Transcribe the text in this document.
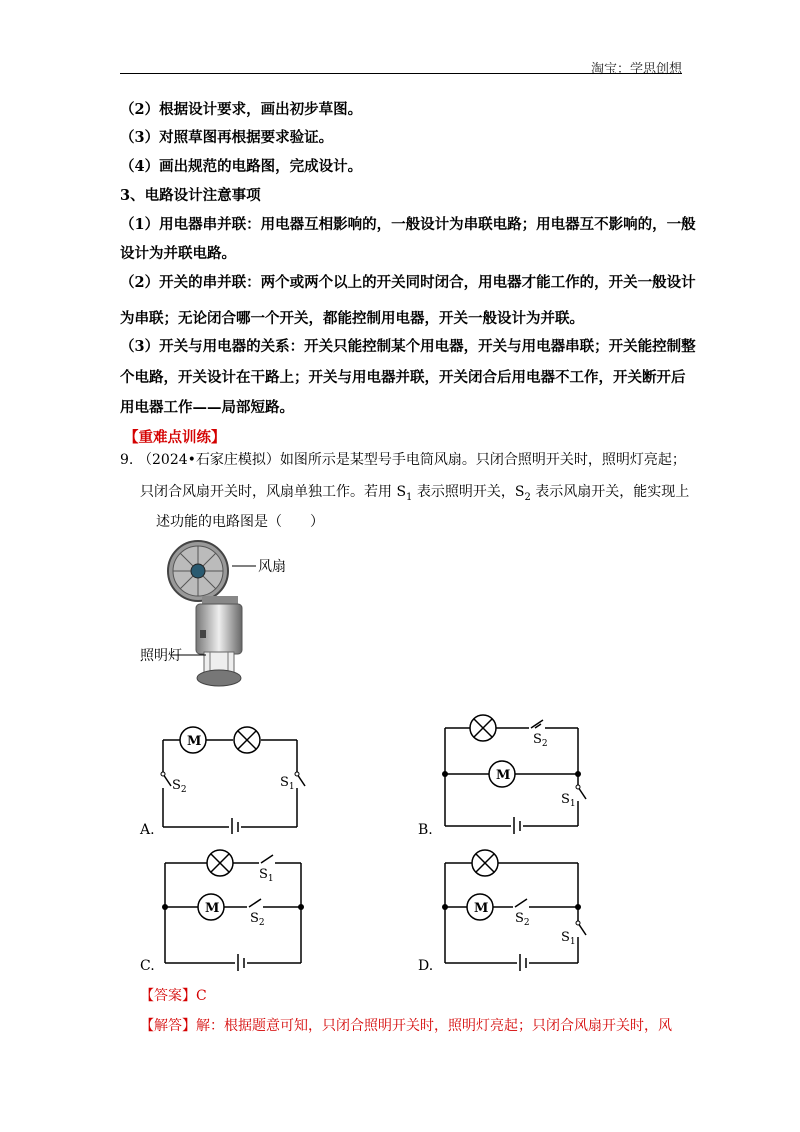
淘宝：学思创想
（2）根据设计要求，画出初步草图。
（3）对照草图再根据要求验证。
（4）画出规范的电路图，完成设计。
3、电路设计注意事项
（1）用电器串并联：用电器互相影响的，一般设计为串联电路；用电器互不影响的，一般
设计为并联电路。
（2）开关的串并联：两个或两个以上的开关同时闭合，用电器才能工作的，开关一般设计
为串联；无论闭合哪一个开关，都能控制用电器，开关一般设计为并联。
（3）开关与用电器的关系：开关只能控制某个用电器，开关与用电器串联；开关能控制整
个电路，开关设计在干路上；开关与用电器并联，开关闭合后用电器不工作，开关断开后
用电器工作——局部短路。
【重难点训练】
9. （2024•石家庄模拟）如图所示是某型号手电筒风扇。只闭合照明开关时，照明灯亮起；
只闭合风扇开关时，风扇单独工作。若用 $S_1$ 表示照明开关，$S_2$ 表示风扇开关，能实现上
述功能的电路图是（　　）
风扇
照明灯
M
$S_2$	$S_1$
A.
M
$S_2$
$S_1$
B.
M
$S_1$
$S_2$
C.
M
$S_2$
$S_1$
D.
【答案】C
【解答】解：根据题意可知，只闭合照明开关时，照明灯亮起；只闭合风扇开关时，风
